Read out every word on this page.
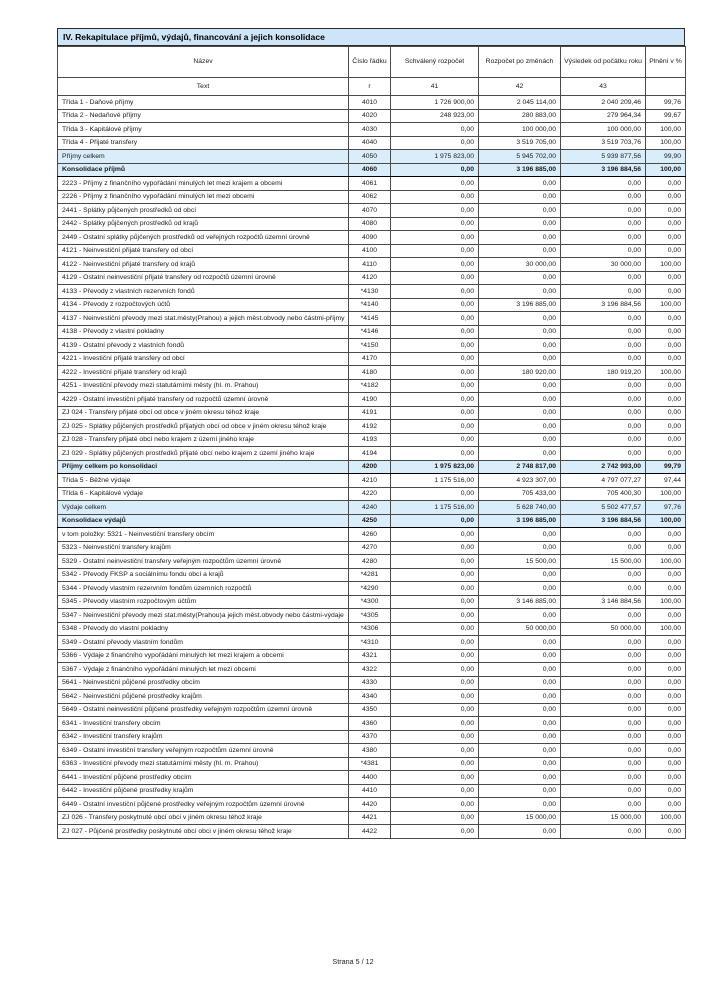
IV. Rekapitulace příjmů, výdajů, financování a jejich konsolidace
Název	Číslo řádku	Schválený rozpočet	Rozpočet po změnách	Výsledek od počátku roku	Plnění v %
Text	r	41	42	43	
Třída 1 - Daňové příjmy	4010	1 726 900,00	2 045 114,00	2 040 209,46	99,76
Třída 2 - Nedaňové příjmy	4020	248 923,00	280 883,00	279 964,34	99,67
Třída 3 - Kapitálové příjmy	4030	0,00	100 000,00	100 000,00	100,00
Třída 4 - Přijaté transfery	4040	0,00	3 519 705,00	3 519 703,76	100,00
Příjmy celkem	4050	1 975 823,00	5 945 702,00	5 939 877,56	99,90
Konsolidace příjmů	4060	0,00	3 196 885,00	3 196 884,56	100,00
2223 - Příjmy z finančního vypořádání minulých let mezi krajem a obcemi	4061	0,00	0,00	0,00	0,00
2226 - Příjmy z finančního vypořádání minulých let mezi obcemi	4062	0,00	0,00	0,00	0,00
2441 - Splátky půjčených prostředků od obcí	4070	0,00	0,00	0,00	0,00
2442 - Splátky půjčených prostředků od krajů	4080	0,00	0,00	0,00	0,00
2449 - Ostatní splátky půjčených prostředků od veřejných rozpočtů územní úrovně	4090	0,00	0,00	0,00	0,00
4121 - Neinvestiční přijaté transfery od obcí	4100	0,00	0,00	0,00	0,00
4122 - Neinvestiční přijaté transfery od krajů	4110	0,00	30 000,00	30 000,00	100,00
4129 - Ostatní neinvestiční přijaté transfery od rozpočtů územní úrovně	4120	0,00	0,00	0,00	0,00
4133 - Převody z vlastních rezervních fondů	*4130	0,00	0,00	0,00	0,00
4134 - Převody z rozpočtových účtů	*4140	0,00	3 196 885,00	3 196 884,56	100,00
4137 - Neinvestiční převody mezi stat.městy(Prahou) a jejich měst.obvody nebo částmi-příjmy	*4145	0,00	0,00	0,00	0,00
4138 - Převody z vlastní pokladny	*4146	0,00	0,00	0,00	0,00
4139 - Ostatní převody z vlastních fondů	*4150	0,00	0,00	0,00	0,00
4221 - Investiční přijaté transfery od obcí	4170	0,00	0,00	0,00	0,00
4222 - Investiční přijaté transfery od krajů	4180	0,00	180 920,00	180 919,20	100,00
4251 - Investiční převody mezi statutárními městy (hl. m. Prahou)	*4182	0,00	0,00	0,00	0,00
4229 - Ostatní investiční přijaté transfery od rozpočtů územní úrovně	4190	0,00	0,00	0,00	0,00
ZJ 024 - Transfery přijaté obcí od obce v jiném okresu téhož kraje	4191	0,00	0,00	0,00	0,00
ZJ 025 - Splátky půjčených prostředků přijatých obcí od obce v jiném okresu téhož kraje	4192	0,00	0,00	0,00	0,00
ZJ 028 - Transfery přijaté obcí nebo krajem z území jiného kraje	4193	0,00	0,00	0,00	0,00
ZJ 029 - Splátky půjčených prostředků přijaté obcí nebo krajem z území jiného kraje	4194	0,00	0,00	0,00	0,00
Příjmy celkem po konsolidaci	4200	1 975 823,00	2 748 817,00	2 742 993,00	99,79
Třída 5 - Běžné výdaje	4210	1 175 516,00	4 923 307,00	4 797 077,27	97,44
Třída 6 - Kapitálové výdaje	4220	0,00	705 433,00	705 400,30	100,00
Výdaje celkem	4240	1 175 516,00	5 628 740,00	5 502 477,57	97,76
Konsolidace výdajů	4250	0,00	3 196 885,00	3 196 884,56	100,00
v tom položky: 5321 - Neinvestiční transfery obcím	4260	0,00	0,00	0,00	0,00
5323 - Neinvestiční transfery krajům	4270	0,00	0,00	0,00	0,00
5329 - Ostatní neinvestiční transfery veřejným rozpočtům územní úrovně	4280	0,00	15 500,00	15 500,00	100,00
5342 - Převody FKSP a sociálnímu fondu obcí a krajů	*4281	0,00	0,00	0,00	0,00
5344 - Převody vlastním rezervním fondům územních rozpočtů	*4290	0,00	0,00	0,00	0,00
5345 - Převody vlastním rozpočtovým účtům	*4300	0,00	3 146 885,00	3 146 884,56	100,00
5347 - Neinvestiční převody mezi stat.městy(Prahou)a jejich měst.obvody nebo částmi-výdaje	*4305	0,00	0,00	0,00	0,00
5348 - Převody do vlastní pokladny	*4306	0,00	50 000,00	50 000,00	100,00
5349 - Ostatní převody vlastním fondům	*4310	0,00	0,00	0,00	0,00
5366 - Výdaje z finančního vypořádání minulých let mezi krajem a obcemi	4321	0,00	0,00	0,00	0,00
5367 - Výdaje z finančního vypořádání minulých let mezi obcemi	4322	0,00	0,00	0,00	0,00
5641 - Neinvestiční půjčené prostředky obcím	4330	0,00	0,00	0,00	0,00
5642 - Neinvestiční půjčené prostředky krajům	4340	0,00	0,00	0,00	0,00
5649 - Ostatní neinvestiční půjčené prostředky veřejným rozpočtům územní úrovně	4350	0,00	0,00	0,00	0,00
6341 - Investiční transfery obcím	4360	0,00	0,00	0,00	0,00
6342 - Investiční transfery krajům	4370	0,00	0,00	0,00	0,00
6349 - Ostatní investiční transfery veřejným rozpočtům územní úrovně	4380	0,00	0,00	0,00	0,00
6363 - Investiční převody mezi statutárními městy (hl. m. Prahou)	*4381	0,00	0,00	0,00	0,00
6441 - Investiční půjčené prostředky obcím	4400	0,00	0,00	0,00	0,00
6442 - Investiční půjčené prostředky krajům	4410	0,00	0,00	0,00	0,00
6449 - Ostatní investiční půjčené prostředky veřejným rozpočtům územní úrovně	4420	0,00	0,00	0,00	0,00
ZJ 026 - Transfery poskytnuté obcí obci v jiném okresu téhož kraje	4421	0,00	15 000,00	15 000,00	100,00
ZJ 027 - Půjčené prostředky poskytnuté obcí obci v jiném okresu téhož kraje	4422	0,00	0,00	0,00	0,00
Strana 5 / 12
